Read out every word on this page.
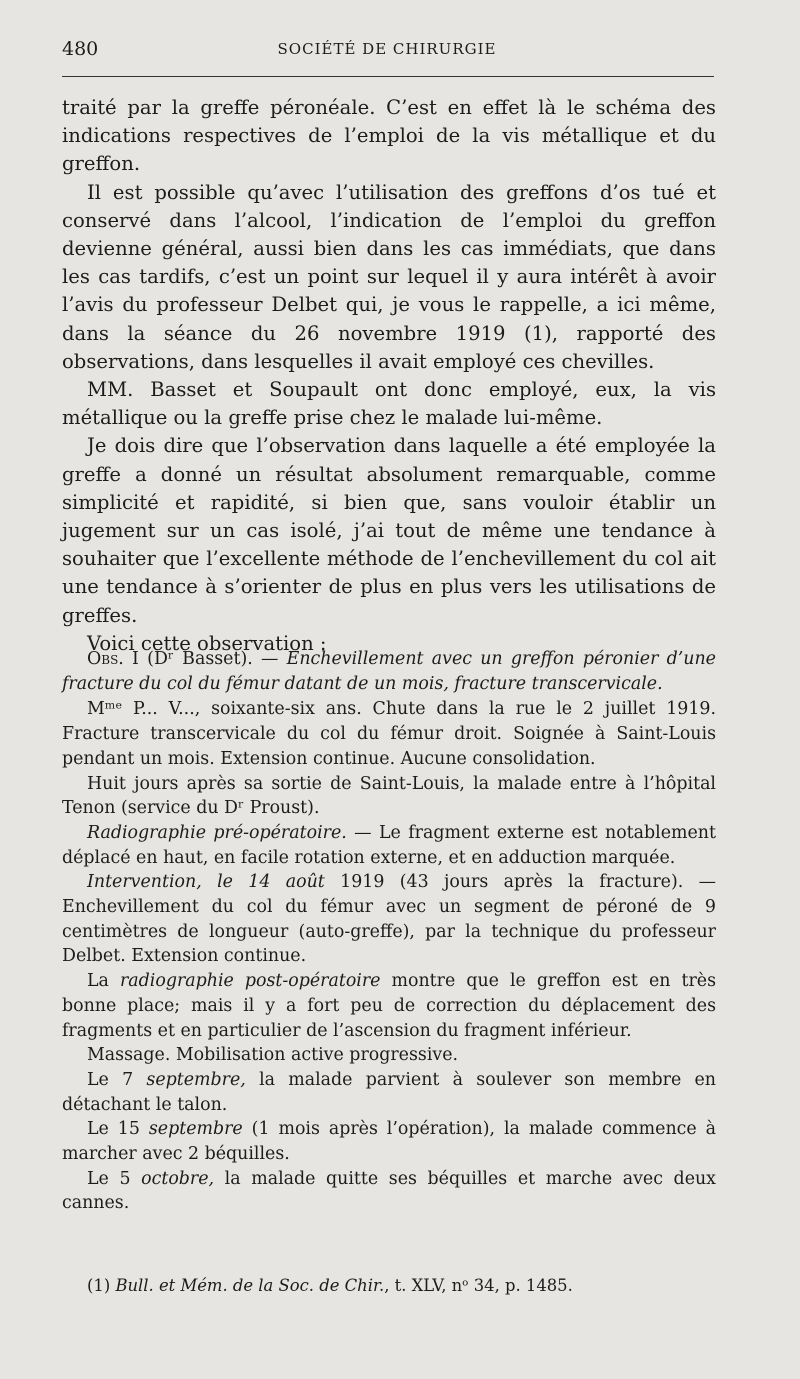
480	SOCIÉTÉ DE CHIRURGIE

traité par la greffe péronéale. C’est en effet là le schéma des indications respectives de l’emploi de la vis métallique et du greffon.

Il est possible qu’avec l’utilisation des greffons d’os tué et conservé dans l’alcool, l’indication de l’emploi du greffon devienne général, aussi bien dans les cas immédiats, que dans les cas tardifs, c’est un point sur lequel il y aura intérêt à avoir l’avis du professeur Delbet qui, je vous le rappelle, a ici même, dans la séance du 26 novembre 1919 (1), rapporté des observations, dans lesquelles il avait employé ces chevilles.

MM. Basset et Soupault ont donc employé, eux, la vis métallique ou la greffe prise chez le malade lui-même.

Je dois dire que l’observation dans laquelle a été employée la greffe a donné un résultat absolument remarquable, comme simplicité et rapidité, si bien que, sans vouloir établir un jugement sur un cas isolé, j’ai tout de même une tendance à souhaiter que l’excellente méthode de l’enchevillement du col ait une tendance à s’orienter de plus en plus vers les utilisations de greffes.

Voici cette observation :

Obs. I (Dʳ Basset). — Enchevillement avec un greffon péronier d’une fracture du col du fémur datant de un mois, fracture transcervicale.

Mᵐᵉ P... V..., soixante-six ans. Chute dans la rue le 2 juillet 1919. Fracture transcervicale du col du fémur droit. Soignée à Saint-Louis pendant un mois. Extension continue. Aucune consolidation.

Huit jours après sa sortie de Saint-Louis, la malade entre à l’hôpital Tenon (service du Dʳ Proust).

Radiographie pré-opératoire. — Le fragment externe est notablement déplacé en haut, en facile rotation externe, et en adduction marquée.

Intervention, le 14 août 1919 (43 jours après la fracture). — Enchevillement du col du fémur avec un segment de péroné de 9 centimètres de longueur (auto-greffe), par la technique du professeur Delbet. Extension continue.

La radiographie post-opératoire montre que le greffon est en très bonne place; mais il y a fort peu de correction du déplacement des fragments et en particulier de l’ascension du fragment inférieur.

Massage. Mobilisation active progressive.

Le 7 septembre, la malade parvient à soulever son membre en détachant le talon.

Le 15 septembre (1 mois après l’opération), la malade commence à marcher avec 2 béquilles.

Le 5 octobre, la malade quitte ses béquilles et marche avec deux cannes.

(1) Bull. et Mém. de la Soc. de Chir., t. XLV, nᵒ 34, p. 1485.
